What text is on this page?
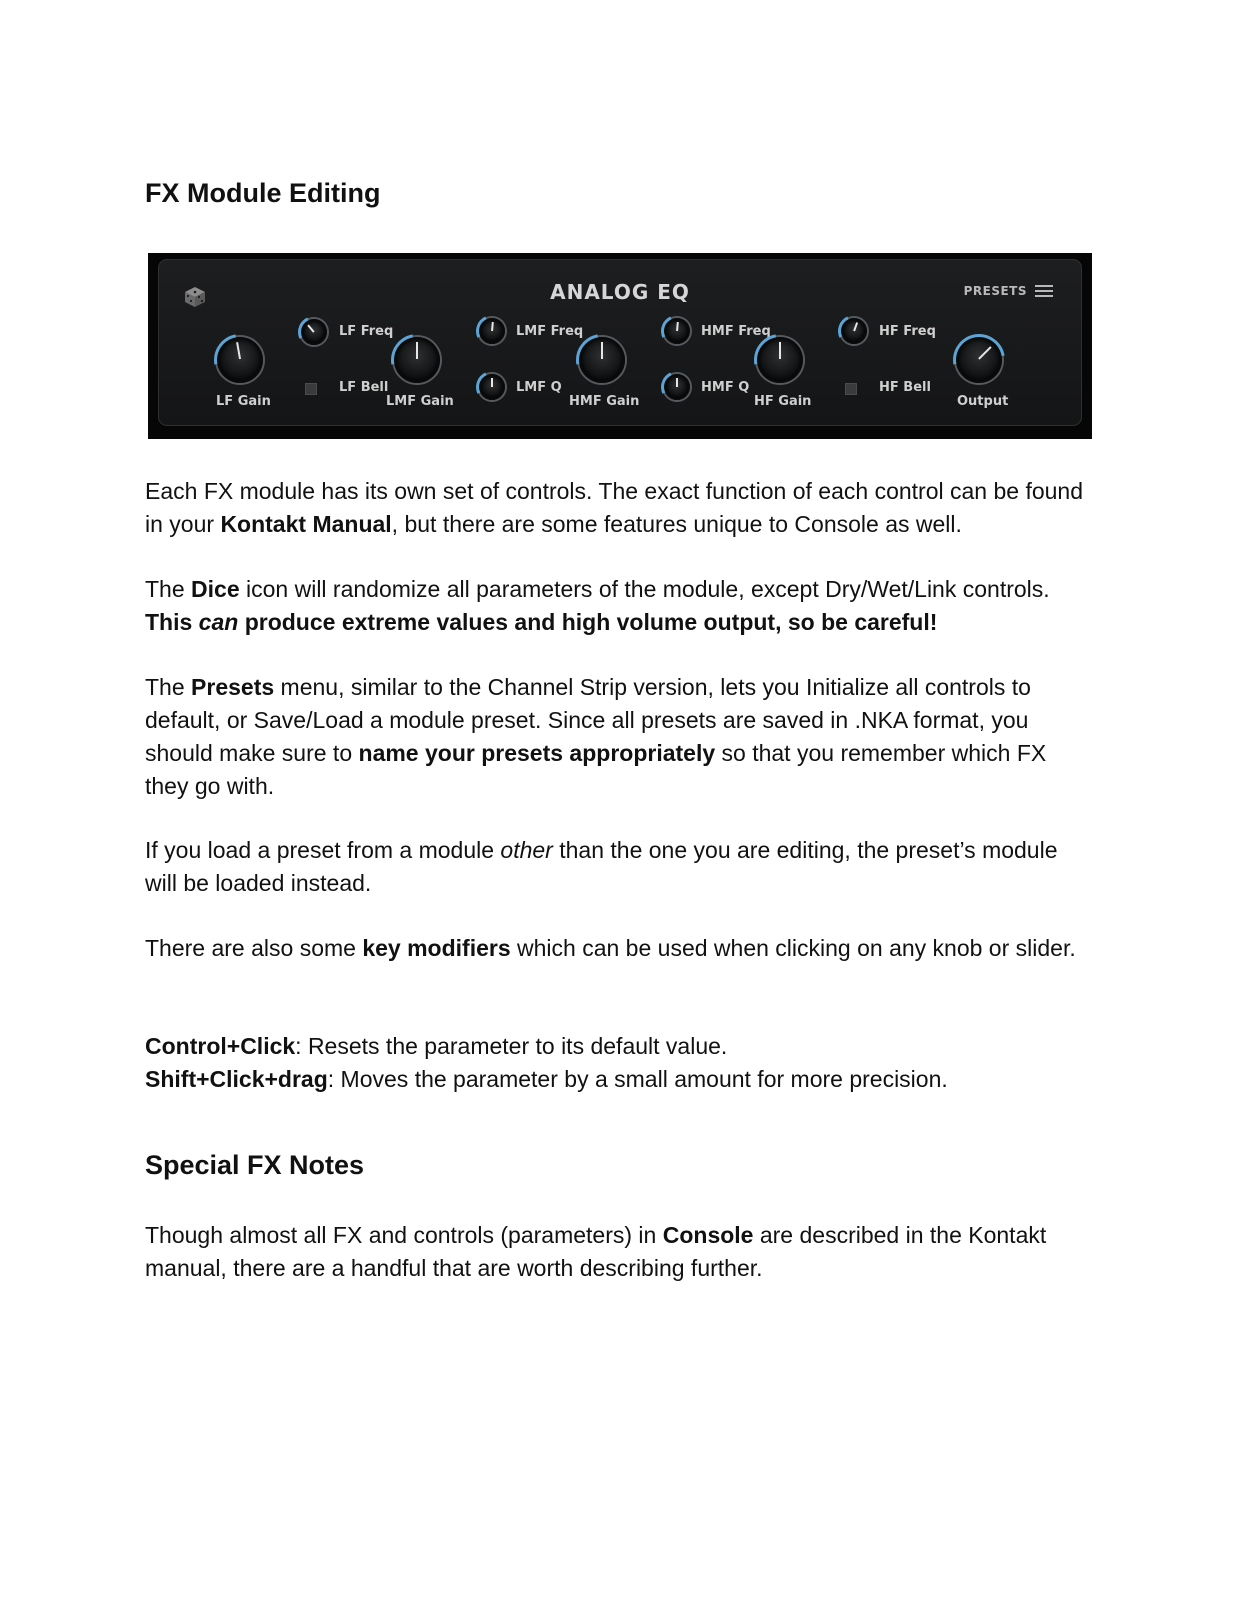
FX Module Editing
ANALOG EQ	PRESETS
LF Gain
LF Freq
LF Bell
LMF Gain
LMF Freq
LMF Q
HMF Gain
HMF Freq
HMF Q
HF Gain
HF Freq
HF Bell
Output

Each FX module has its own set of controls. The exact function of each control can be found in your Kontakt Manual, but there are some features unique to Console as well.

The Dice icon will randomize all parameters of the module, except Dry/Wet/Link controls. This can produce extreme values and high volume output, so be careful!

The Presets menu, similar to the Channel Strip version, lets you Initialize all controls to default, or Save/Load a module preset. Since all presets are saved in .NKA format, you should make sure to name your presets appropriately so that you remember which FX they go with.

If you load a preset from a module other than the one you are editing, the preset’s module will be loaded instead.

There are also some key modifiers which can be used when clicking on any knob or slider.

Control+Click: Resets the parameter to its default value.
Shift+Click+drag: Moves the parameter by a small amount for more precision.

Special FX Notes

Though almost all FX and controls (parameters) in Console are described in the Kontakt manual, there are a handful that are worth describing further.
